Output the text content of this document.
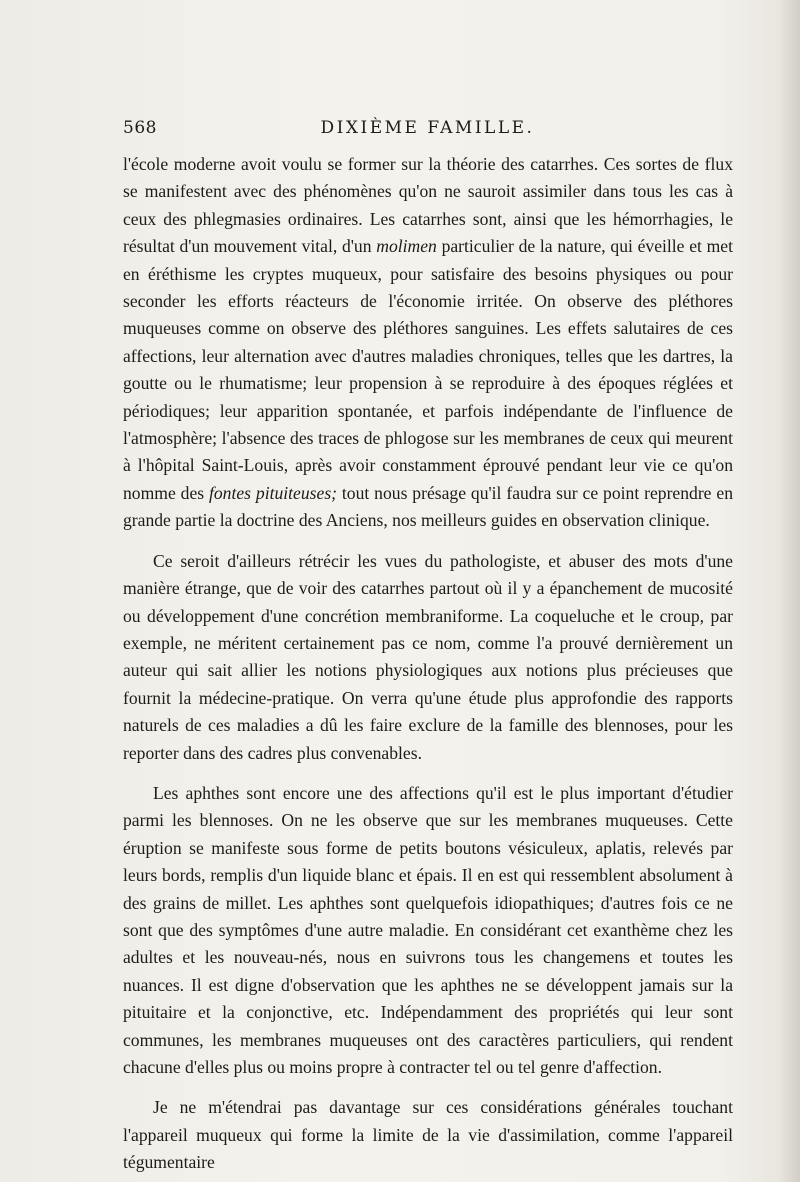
568	DIXIÈME FAMILLE.

l'école moderne avoit voulu se former sur la théorie des catarrhes. Ces sortes de flux se manifestent avec des phénomènes qu'on ne sauroit assimiler dans tous les cas à ceux des phlegmasies ordinaires. Les catarrhes sont, ainsi que les hémorrhagies, le résultat d'un mouvement vital, d'un molimen particulier de la nature, qui éveille et met en éréthisme les cryptes muqueux, pour satisfaire des besoins physiques ou pour seconder les efforts réacteurs de l'économie irritée. On observe des pléthores muqueuses comme on observe des pléthores sanguines. Les effets salutaires de ces affections, leur alternation avec d'autres maladies chroniques, telles que les dartres, la goutte ou le rhumatisme; leur propension à se reproduire à des époques réglées et périodiques; leur apparition spontanée, et parfois indépendante de l'influence de l'atmosphère; l'absence des traces de phlogose sur les membranes de ceux qui meurent à l'hôpital Saint-Louis, après avoir constamment éprouvé pendant leur vie ce qu'on nomme des fontes pituiteuses; tout nous présage qu'il faudra sur ce point reprendre en grande partie la doctrine des Anciens, nos meilleurs guides en observation clinique.

Ce seroit d'ailleurs rétrécir les vues du pathologiste, et abuser des mots d'une manière étrange, que de voir des catarrhes partout où il y a épanchement de mucosité ou développement d'une concrétion membraniforme. La coqueluche et le croup, par exemple, ne méritent certainement pas ce nom, comme l'a prouvé dernièrement un auteur qui sait allier les notions physiologiques aux notions plus précieuses que fournit la médecine-pratique. On verra qu'une étude plus approfondie des rapports naturels de ces maladies a dû les faire exclure de la famille des blennoses, pour les reporter dans des cadres plus convenables.

Les aphthes sont encore une des affections qu'il est le plus important d'étudier parmi les blennoses. On ne les observe que sur les membranes muqueuses. Cette éruption se manifeste sous forme de petits boutons vésiculeux, aplatis, relevés par leurs bords, remplis d'un liquide blanc et épais. Il en est qui ressemblent absolument à des grains de millet. Les aphthes sont quelquefois idiopathiques; d'autres fois ce ne sont que des symptômes d'une autre maladie. En considérant cet exanthème chez les adultes et les nouveau-nés, nous en suivrons tous les changemens et toutes les nuances. Il est digne d'observation que les aphthes ne se développent jamais sur la pituitaire et la conjonctive, etc. Indépendamment des propriétés qui leur sont communes, les membranes muqueuses ont des caractères particuliers, qui rendent chacune d'elles plus ou moins propre à contracter tel ou tel genre d'affection.

Je ne m'étendrai pas davantage sur ces considérations générales touchant l'appareil muqueux qui forme la limite de la vie d'assimilation, comme l'appareil tégumentaire
